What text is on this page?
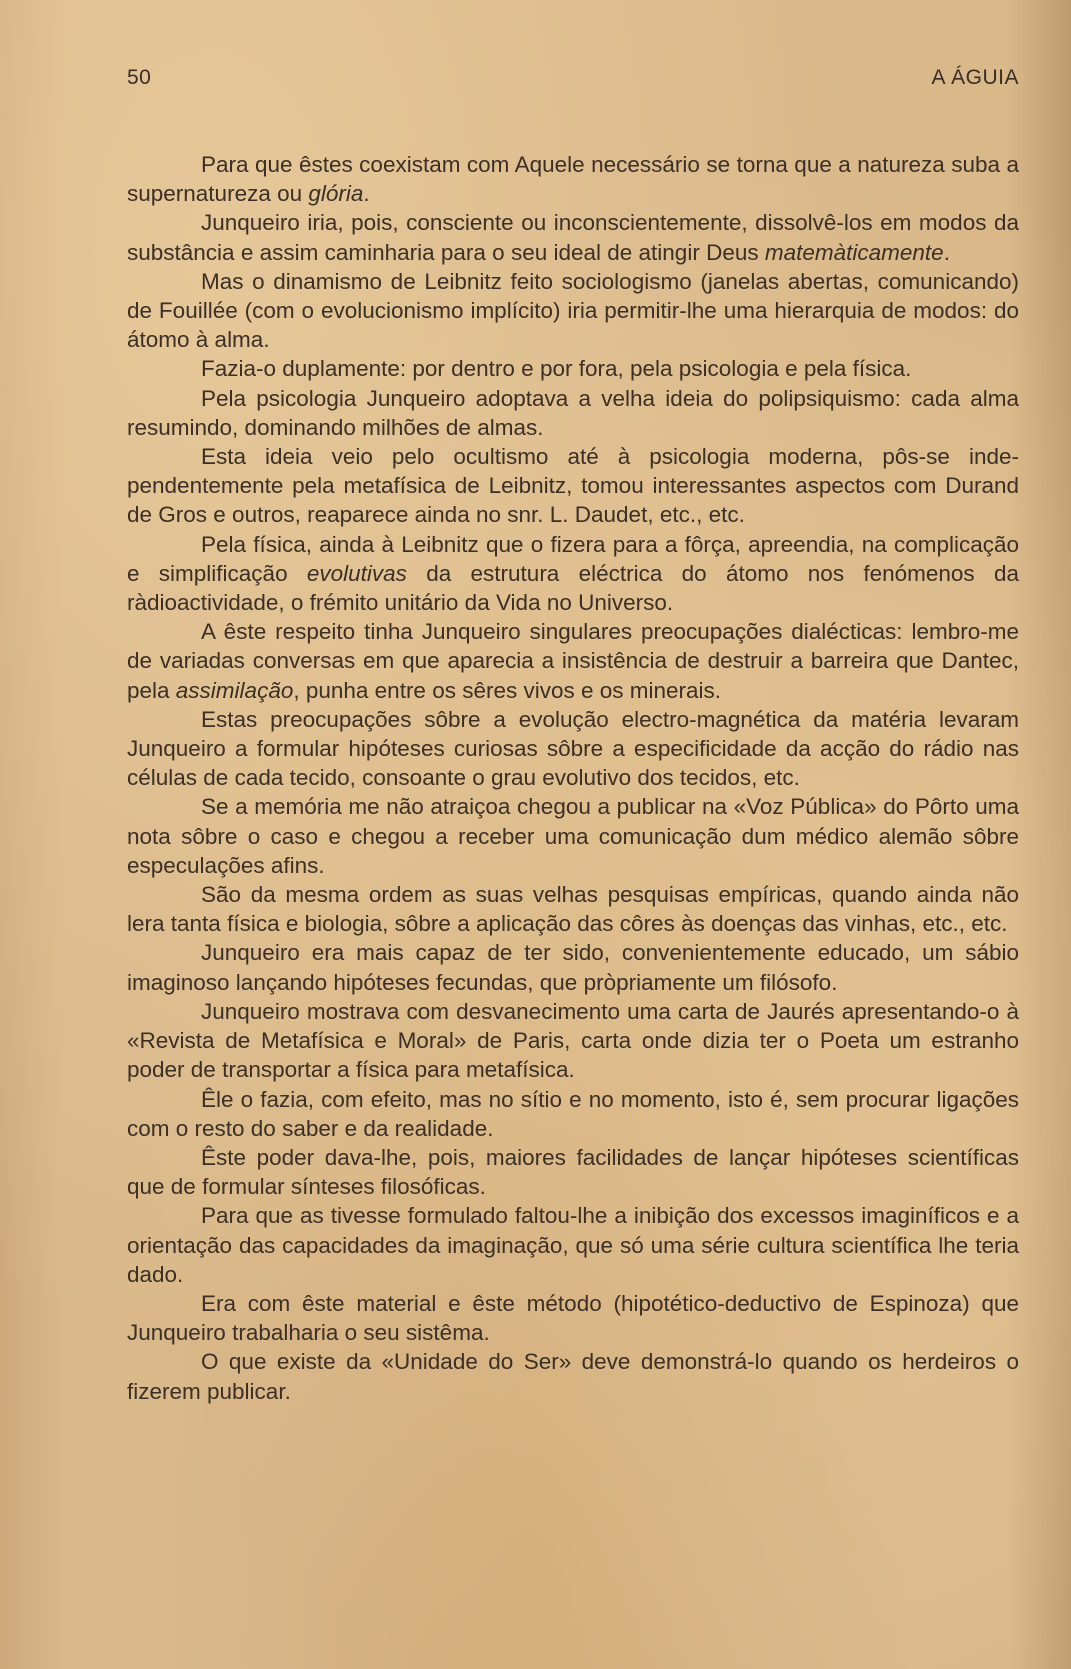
50	A ÁGUIA

Para que êstes coexistam com Aquele necessário se torna que a natureza suba a supernatureza ou glória.

Junqueiro iria, pois, consciente ou inconscientemente, dissolvê-los em modos da substância e assim caminharia para o seu ideal de atingir Deus matemàticamente.

Mas o dinamismo de Leibnitz feito sociologismo (janelas abertas, comunicando) de Fouillée (com o evolucionismo implícito) iria permitir-lhe uma hierarquia de modos: do átomo à alma.

Fazia-o duplamente: por dentro e por fora, pela psicologia e pela física.

Pela psicologia Junqueiro adoptava a velha ideia do polipsiquismo: cada alma resumindo, dominando milhões de almas.

Esta ideia veio pelo ocultismo até à psicologia moderna, pôs-se independentemente pela metafísica de Leibnitz, tomou interessantes aspectos com Durand de Gros e outros, reaparece ainda no snr. L. Daudet, etc., etc.

Pela física, ainda à Leibnitz que o fizera para a fôrça, apreendia, na complicação e simplificação evolutivas da estrutura eléctrica do átomo nos fenómenos da ràdioactividade, o frémito unitário da Vida no Universo.

A êste respeito tinha Junqueiro singulares preocupações dialécticas: lembro-me de variadas conversas em que aparecia a insistência de destruir a barreira que Dantec, pela assimilação, punha entre os sêres vivos e os minerais.

Estas preocupações sôbre a evolução electro-magnética da matéria levaram Junqueiro a formular hipóteses curiosas sôbre a especificidade da acção do rádio nas células de cada tecido, consoante o grau evolutivo dos tecidos, etc.

Se a memória me não atraiçoa chegou a publicar na «Voz Pública» do Pôrto uma nota sôbre o caso e chegou a receber uma comunicação dum médico alemão sôbre especulações afins.

São da mesma ordem as suas velhas pesquisas empíricas, quando ainda não lera tanta física e biologia, sôbre a aplicação das côres às doenças das vinhas, etc., etc.

Junqueiro era mais capaz de ter sido, convenientemente educado, um sábio imaginoso lançando hipóteses fecundas, que pròpriamente um filósofo.

Junqueiro mostrava com desvanecimento uma carta de Jaurés apresentando-o à «Revista de Metafísica e Moral» de Paris, carta onde dizia ter o Poeta um estranho poder de transportar a física para metafísica.

Êle o fazia, com efeito, mas no sítio e no momento, isto é, sem procurar ligações com o resto do saber e da realidade.

Êste poder dava-lhe, pois, maiores facilidades de lançar hipóteses scientíficas que de formular sínteses filosóficas.

Para que as tivesse formulado faltou-lhe a inibição dos excessos imaginíficos e a orientação das capacidades da imaginação, que só uma série cultura scientífica lhe teria dado.

Era com êste material e êste método (hipotético-deductivo de Espinoza) que Junqueiro trabalharia o seu sistêma.

O que existe da «Unidade do Ser» deve demonstrá-lo quando os herdeiros o fizerem publicar.
